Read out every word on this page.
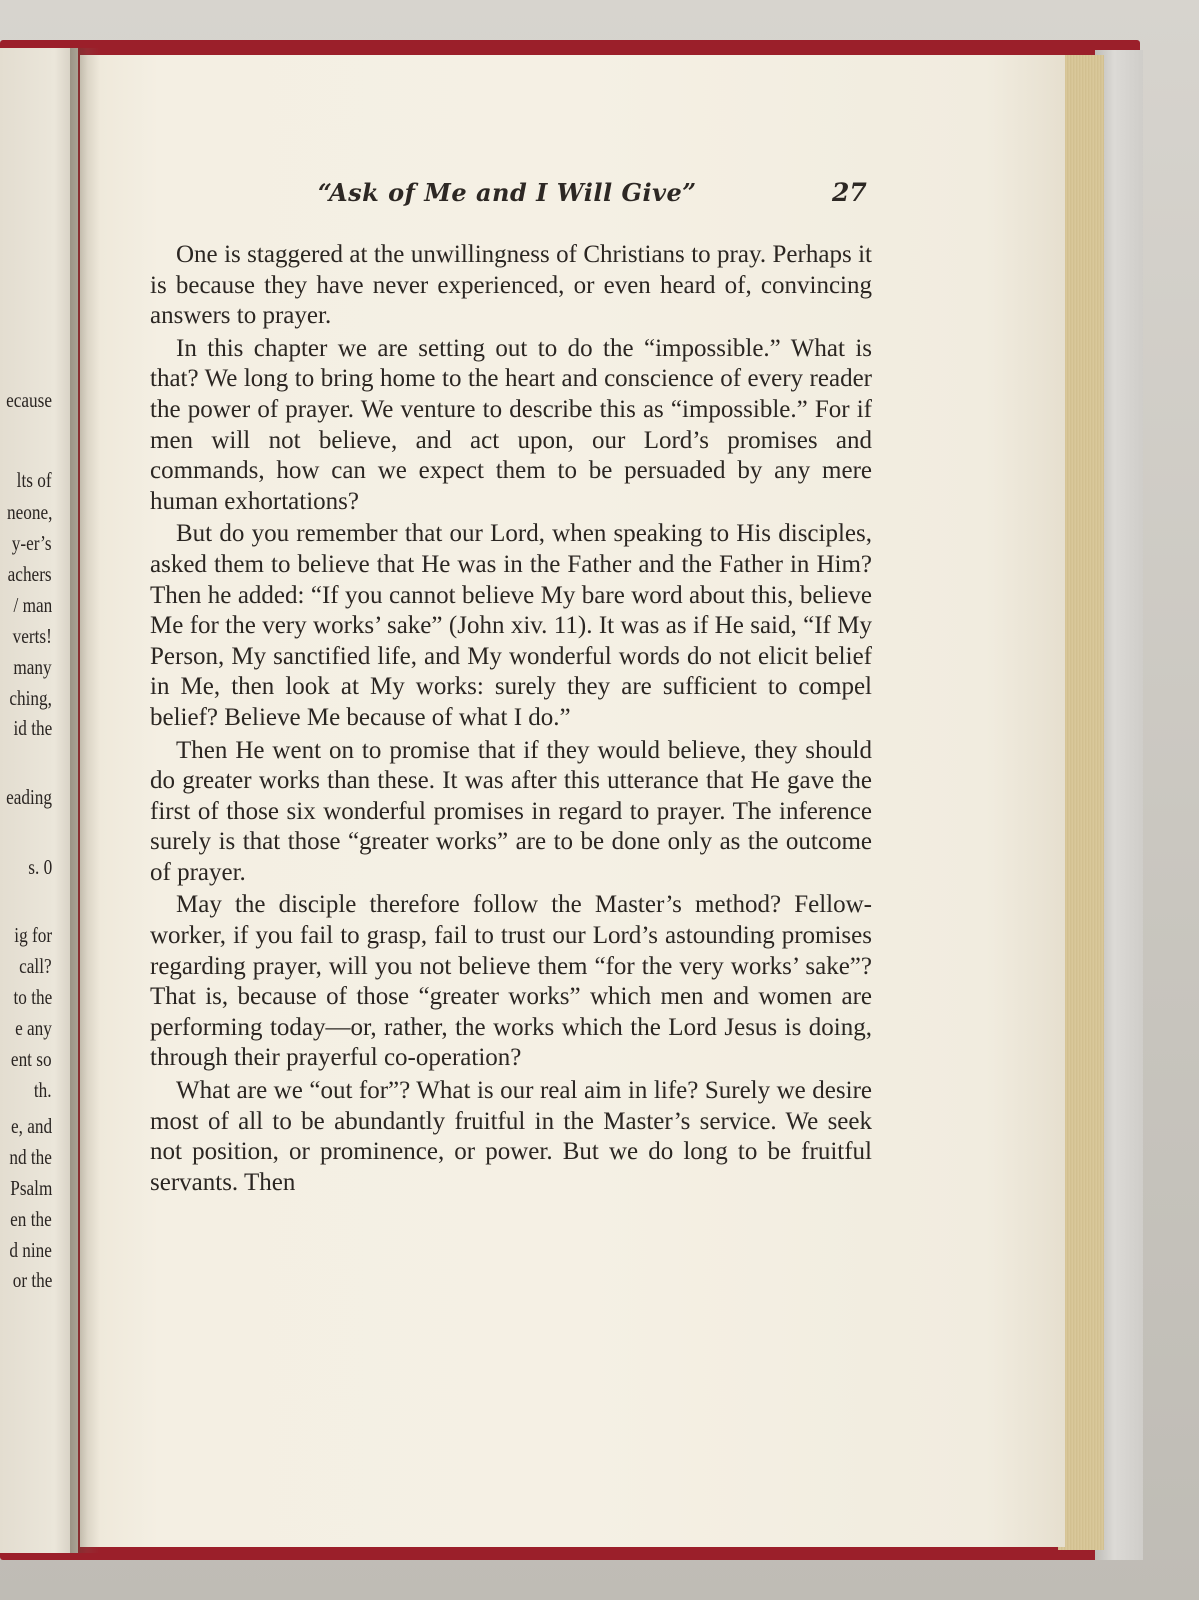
ecause
lts of
neone,
y-er’s
achers
/ man
verts!
many
ching,
id the
eading
s. 0
ig for
call?
to the
e any
ent so
th.
e, and
nd the
Psalm
en the
d nine
or the
“Ask of Me and I Will Give”	27

One is staggered at the unwillingness of Christians to pray. Perhaps it is because they have never experienced, or even heard of, convincing answers to prayer.

In this chapter we are setting out to do the “impossible.” What is that? We long to bring home to the heart and conscience of every reader the power of prayer. We venture to describe this as “impossible.” For if men will not believe, and act upon, our Lord’s promises and commands, how can we expect them to be persuaded by any mere human exhortations?

But do you remember that our Lord, when speaking to His disciples, asked them to believe that He was in the Father and the Father in Him? Then he added: “If you cannot believe My bare word about this, believe Me for the very works’ sake” (John xiv. 11). It was as if He said, “If My Person, My sanctified life, and My wonderful words do not elicit belief in Me, then look at My works: surely they are sufficient to compel belief? Believe Me because of what I do.”

Then He went on to promise that if they would believe, they should do greater works than these. It was after this utterance that He gave the first of those six wonderful promises in regard to prayer. The inference surely is that those “greater works” are to be done only as the outcome of prayer.

May the disciple therefore follow the Master’s method? Fellow-worker, if you fail to grasp, fail to trust our Lord’s astounding promises regarding prayer, will you not believe them “for the very works’ sake”? That is, because of those “greater works” which men and women are performing today—or, rather, the works which the Lord Jesus is doing, through their prayerful co-operation?

What are we “out for”? What is our real aim in life? Surely we desire most of all to be abundantly fruitful in the Master’s service. We seek not position, or prominence, or power. But we do long to be fruitful servants. Then
